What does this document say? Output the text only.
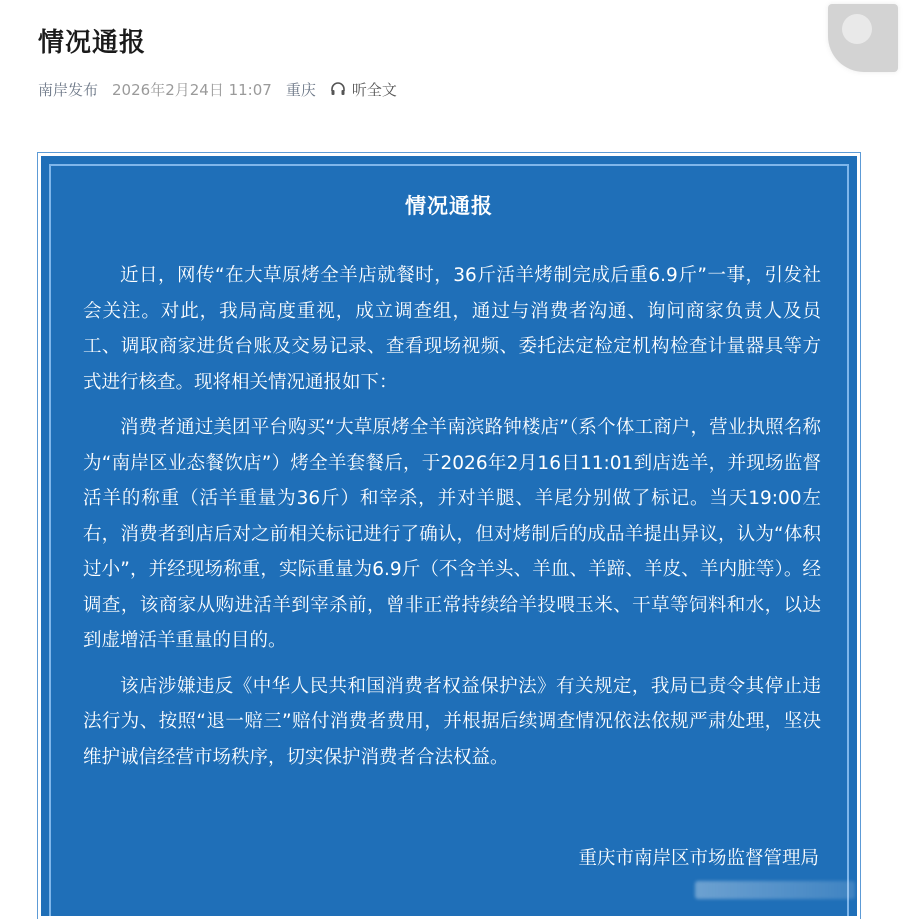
情况通报
南岸发布 2026年2月24日 11:07 重庆 听全文
情况通报

近日，网传“在大草原烤全羊店就餐时，36斤活羊烤制完成后重6.9斤”一事，引发社会关注。对此，我局高度重视，成立调查组，通过与消费者沟通、询问商家负责人及员工、调取商家进货台账及交易记录、查看现场视频、委托法定检定机构检查计量器具等方式进行核查。现将相关情况通报如下：

消费者通过美团平台购买“大草原烤全羊南滨路钟楼店”（系个体工商户，营业执照名称为“南岸区业态餐饮店”）烤全羊套餐后，于2026年2月16日11:01到店选羊，并现场监督活羊的称重（活羊重量为36斤）和宰杀，并对羊腿、羊尾分别做了标记。当天19:00左右，消费者到店后对之前相关标记进行了确认，但对烤制后的成品羊提出异议，认为“体积过小”，并经现场称重，实际重量为6.9斤（不含羊头、羊血、羊蹄、羊皮、羊内脏等）。经调查，该商家从购进活羊到宰杀前，曾非正常持续给羊投喂玉米、干草等饲料和水，以达到虚增活羊重量的目的。

该店涉嫌违反《中华人民共和国消费者权益保护法》有关规定，我局已责令其停止违法行为、按照“退一赔三”赔付消费者费用，并根据后续调查情况依法依规严肃处理，坚决维护诚信经营市场秩序，切实保护消费者合法权益。

重庆市南岸区市场监督管理局
